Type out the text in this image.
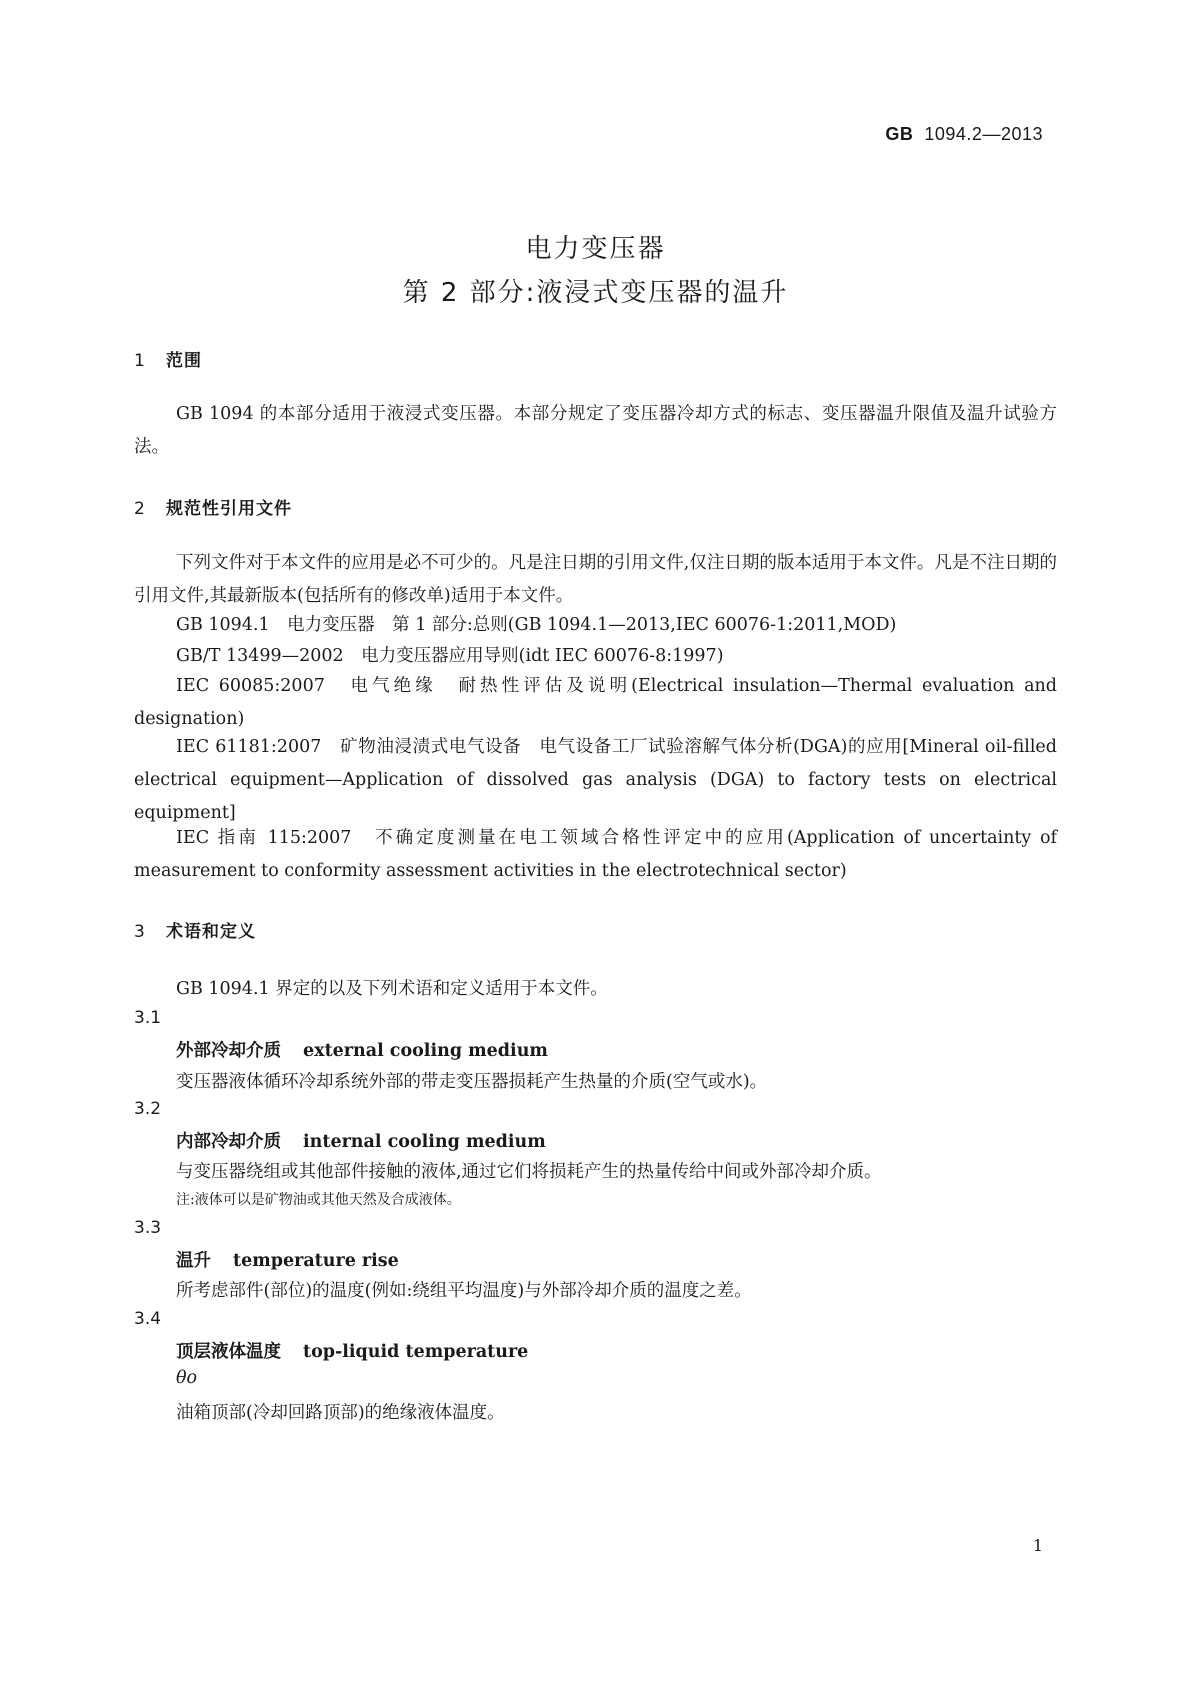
GB 1094.2—2013
电力变压器
第 2 部分:液浸式变压器的温升
1 范围
GB 1094 的本部分适用于液浸式变压器。本部分规定了变压器冷却方式的标志、变压器温升限值及温升试验方法。
2 规范性引用文件
下列文件对于本文件的应用是必不可少的。凡是注日期的引用文件,仅注日期的版本适用于本文件。凡是不注日期的引用文件,其最新版本(包括所有的修改单)适用于本文件。
GB 1094.1　电力变压器　第 1 部分:总则(GB 1094.1—2013,IEC 60076-1:2011,MOD)
GB/T 13499—2002　电力变压器应用导则(idt IEC 60076-8:1997)
IEC 60085:2007　电气绝缘　耐热性评估及说明(Electrical insulation—Thermal evaluation and designation)
IEC 61181:2007　矿物油浸渍式电气设备　电气设备工厂试验溶解气体分析(DGA)的应用[Mineral oil-filled electrical equipment—Application of dissolved gas analysis (DGA) to factory tests on electrical equipment]
IEC 指南 115:2007　不确定度测量在电工领域合格性评定中的应用(Application of uncertainty of measurement to conformity assessment activities in the electrotechnical sector)
3 术语和定义
GB 1094.1 界定的以及下列术语和定义适用于本文件。
3.1
外部冷却介质 external cooling medium
变压器液体循环冷却系统外部的带走变压器损耗产生热量的介质(空气或水)。
3.2
内部冷却介质 internal cooling medium
与变压器绕组或其他部件接触的液体,通过它们将损耗产生的热量传给中间或外部冷却介质。
注:液体可以是矿物油或其他天然及合成液体。
3.3
温升 temperature rise
所考虑部件(部位)的温度(例如:绕组平均温度)与外部冷却介质的温度之差。
3.4
顶层液体温度 top-liquid temperature
θo
油箱顶部(冷却回路顶部)的绝缘液体温度。
1
